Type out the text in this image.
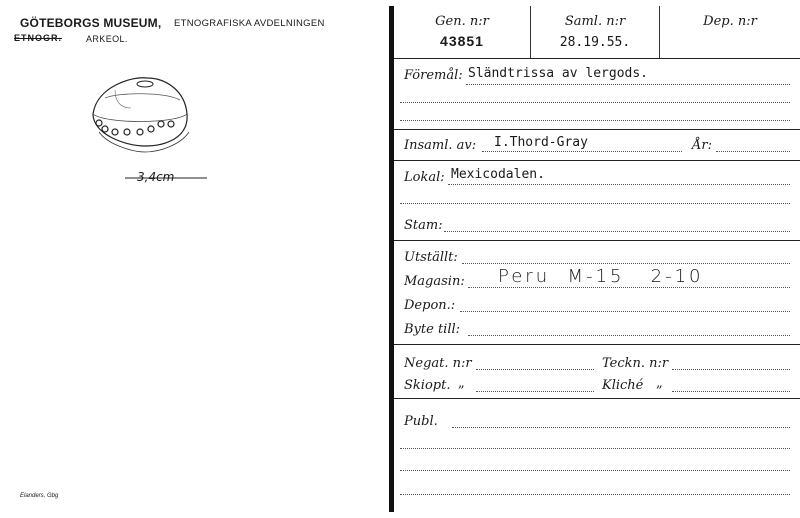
GÖTEBORGS MUSEUM, ETNOGRAFISKA AVDELNINGEN
ETNOGR.	ARKEOL.
3,4cm
Elanders, Gbg
Gen. n:r
43851
Saml. n:r
28.19.55.
Dep. n:r
Föremål: Sländtrissa av lergods.
Insaml. av: I.Thord-Gray	År:
Lokal: Mexicodalen.
Stam:
Utställt:
Magasin: Peru  M-15   2-10
Depon.:
Byte till:
Negat. n:r	Teckn. n:r
Skiopt. „	Kliché „
Publ.
